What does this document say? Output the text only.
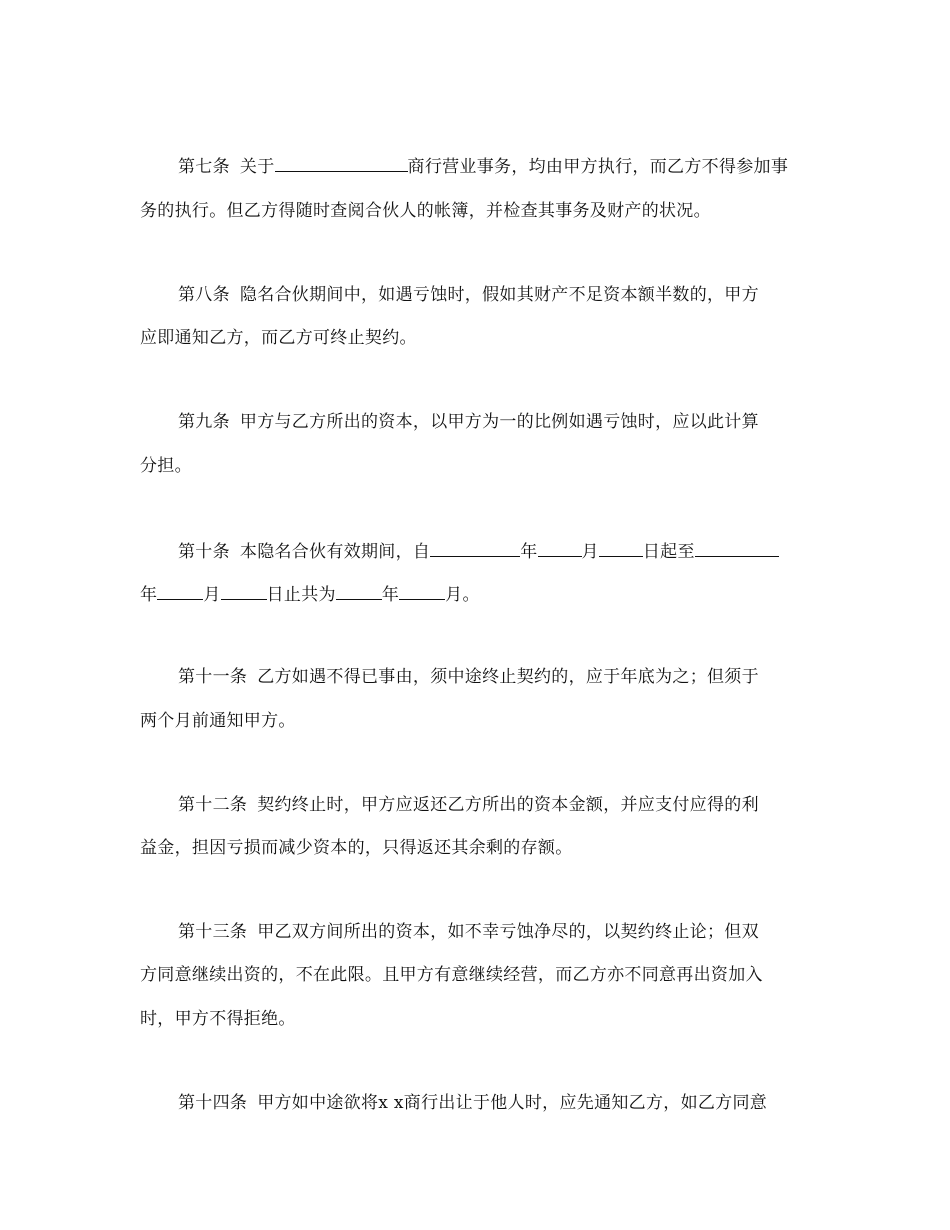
第七条 关于	商行营业事务，均由甲方执行，而乙方不得参加事
务的执行。但乙方得随时查阅合伙人的帐簿，并检查其事务及财产的状况。
第八条 隐名合伙期间中，如遇亏蚀时，假如其财产不足资本额半数的，甲方
应即通知乙方，而乙方可终止契约。
第九条 甲方与乙方所出的资本，以甲方为一的比例如遇亏蚀时，应以此计算
分担。
第十条 本隐名合伙有效期间，自	年	月	日起至
年	月	日止共为	年	月。
第十一条 乙方如遇不得已事由，须中途终止契约的，应于年底为之；但须于
两个月前通知甲方。
第十二条 契约终止时，甲方应返还乙方所出的资本金额，并应支付应得的利
益金，担因亏损而减少资本的，只得返还其余剩的存额。
第十三条 甲乙双方间所出的资本，如不幸亏蚀净尽的，以契约终止论；但双
方同意继续出资的，不在此限。且甲方有意继续经营，而乙方亦不同意再出资加入
时，甲方不得拒绝。
第十四条 甲方如中途欲将x x商行出让于他人时，应先通知乙方，如乙方同意
